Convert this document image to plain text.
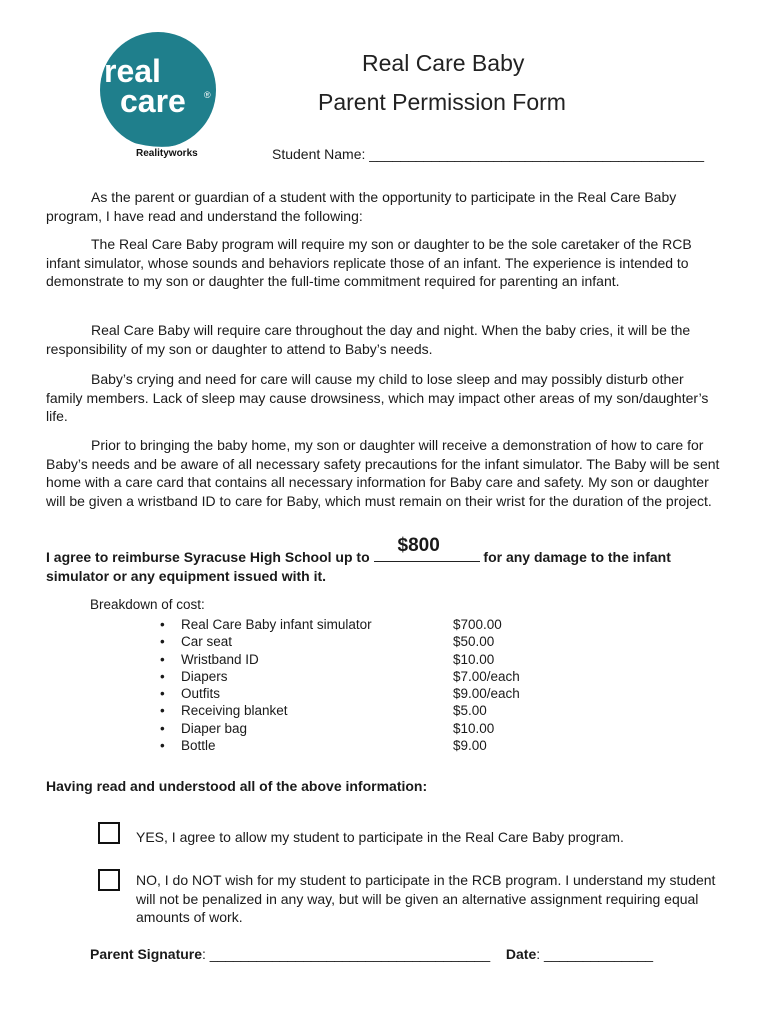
real
care ®
Realityworks
Real Care Baby
Parent Permission Form
Student Name: ___________________________________________

As the parent or guardian of a student with the opportunity to participate in the Real Care Baby program, I have read and understand the following:

The Real Care Baby program will require my son or daughter to be the sole caretaker of the RCB infant simulator, whose sounds and behaviors replicate those of an infant. The experience is intended to demonstrate to my son or daughter the full-time commitment required for parenting an infant.

Real Care Baby will require care throughout the day and night. When the baby cries, it will be the responsibility of my son or daughter to attend to Baby’s needs.

Baby’s crying and need for care will cause my child to lose sleep and may possibly disturb other family members. Lack of sleep may cause drowsiness, which may impact other areas of my son/daughter’s life.

Prior to bringing the baby home, my son or daughter will receive a demonstration of how to care for Baby’s needs and be aware of all necessary safety precautions for the infant simulator. The Baby will be sent home with a care card that contains all necessary information for Baby care and safety. My son or daughter will be given a wristband ID to care for Baby, which must remain on their wrist for the duration of the project.

I agree to reimburse Syracuse High School up to
$800
for any damage to the infant
simulator or any equipment issued with it.
Breakdown of cost:
• Real Care Baby infant simulator	$700.00
• Car seat	$50.00
• Wristband ID	$10.00
• Diapers	$7.00/each
• Outfits	$9.00/each
• Receiving blanket	$5.00
• Diaper bag	$10.00
• Bottle	$9.00
Having read and understood all of the above information:
YES, I agree to allow my student to participate in the Real Care Baby program.
NO, I do NOT wish for my student to participate in the RCB program. I understand my student will not be penalized in any way, but will be given an alternative assignment requiring equal amounts of work.
Parent Signature: ____________________________________ Date: ______________
